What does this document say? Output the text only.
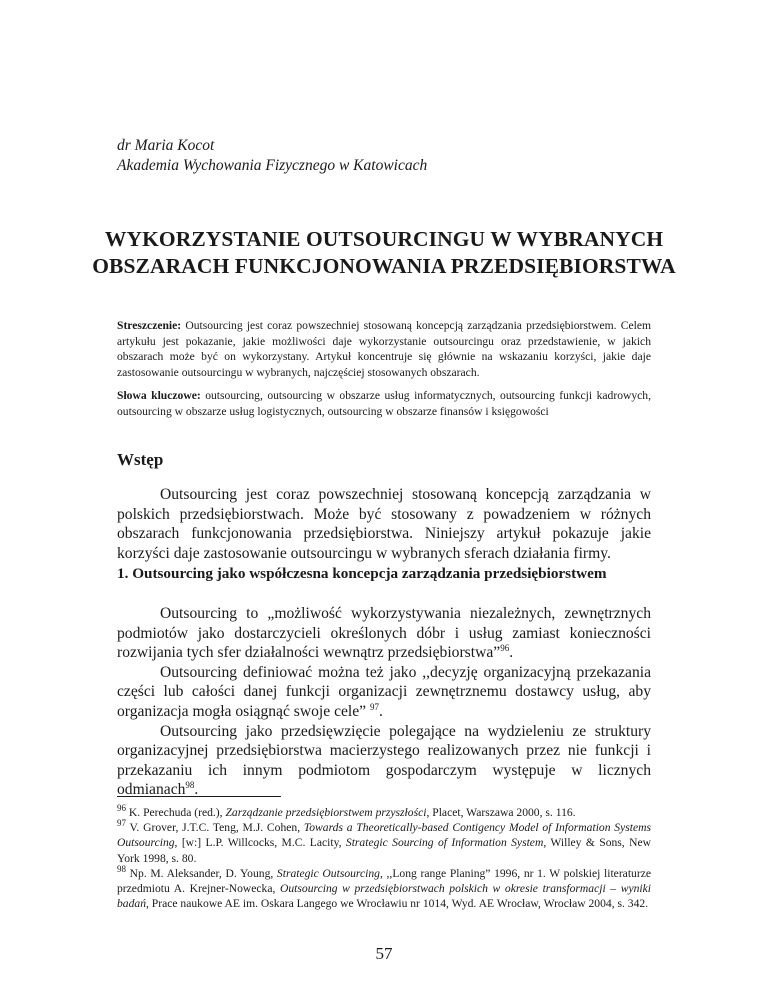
dr Maria Kocot
Akademia Wychowania Fizycznego w Katowicach
WYKORZYSTANIE OUTSOURCINGU W WYBRANYCH
OBSZARACH FUNKCJONOWANIA PRZEDSIĘBIORSTWA
Streszczenie: Outsourcing jest coraz powszechniej stosowaną koncepcją zarządzania przedsiębiorstwem. Celem artykułu jest pokazanie, jakie możliwości daje wykorzystanie outsourcingu oraz przedstawienie, w jakich obszarach może być on wykorzystany. Artykuł koncentruje się głównie na wskazaniu korzyści, jakie daje zastosowanie outsourcingu w wybranych, najczęściej stosowanych obszarach.
Słowa kluczowe: outsourcing, outsourcing w obszarze usług informatycznych, outsourcing funkcji kadrowych, outsourcing w obszarze usług logistycznych, outsourcing w obszarze finansów i księgowości
Wstęp

Outsourcing jest coraz powszechniej stosowaną koncepcją zarządzania w polskich przedsiębiorstwach. Może być stosowany z powadzeniem w różnych obszarach funkcjonowania przedsiębiorstwa. Niniejszy artykuł pokazuje jakie korzyści daje zastosowanie outsourcingu w wybranych sferach działania firmy.

1. Outsourcing jako współczesna koncepcja zarządzania przedsiębiorstwem

Outsourcing to „możliwość wykorzystywania niezależnych, zewnętrznych podmiotów jako dostarczycieli określonych dóbr i usług zamiast konieczności rozwijania tych sfer działalności wewnątrz przedsiębiorstwa”$^{96}$.

Outsourcing definiować można też jako ,,decyzję organizacyjną przekazania części lub całości danej funkcji organizacji zewnętrznemu dostawcy usług, aby organizacja mogła osiągnąć swoje cele” $^{97}$.

Outsourcing jako przedsięwzięcie polegające na wydzieleniu ze struktury organizacyjnej przedsiębiorstwa macierzystego realizowanych przez nie funkcji i przekazaniu ich innym podmiotom gospodarczym występuje w licznych odmianach$^{98}$.

$^{96}$ K. Perechuda (red.), Zarządzanie przedsiębiorstwem przyszłości, Placet, Warszawa 2000, s. 116.

$^{97}$ V. Grover, J.T.C. Teng, M.J. Cohen, Towards a Theoretically-based Contigency Model of Information Systems Outsourcing, [w:] L.P. Willcocks, M.C. Lacity, Strategic Sourcing of Information System, Willey & Sons, New York 1998, s. 80.

$^{98}$ Np. M. Aleksander, D. Young, Strategic Outsourcing, ,,Long range Planing” 1996, nr 1. W polskiej literaturze przedmiotu A. Krejner-Nowecka, Outsourcing w przedsiębiorstwach polskich w okresie transformacji – wyniki badań, Prace naukowe AE im. Oskara Langego we Wrocławiu nr 1014, Wyd. AE Wrocław, Wrocław 2004, s. 342.

57
